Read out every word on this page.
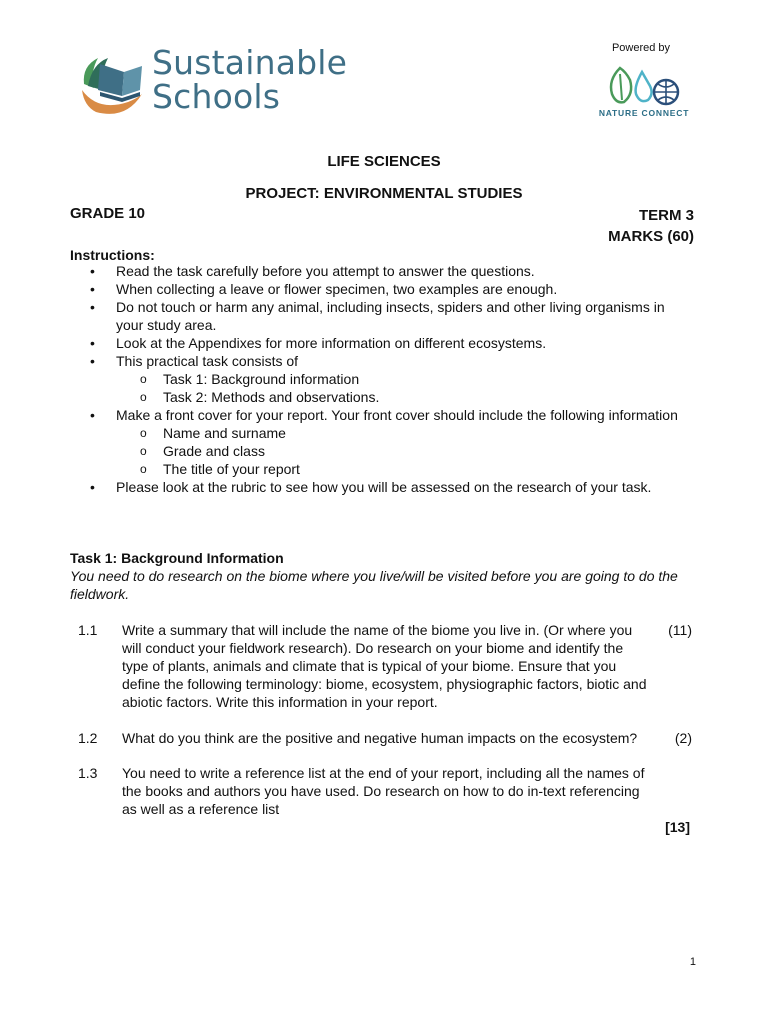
Sustainable
Schools
Powered by
NATURE CONNECT
LIFE SCIENCES
PROJECT: ENVIRONMENTAL STUDIES
GRADE 10	TERM 3
MARKS (60)
Instructions:
• Read the task carefully before you attempt to answer the questions.
• When collecting a leave or flower specimen, two examples are enough.
• Do not touch or harm any animal, including insects, spiders and other living organisms in your study area.
• Look at the Appendixes for more information on different ecosystems.
• This practical task consists of
o Task 1: Background information
o Task 2: Methods and observations.
• Make a front cover for your report. Your front cover should include the following information
o Name and surname
o Grade and class
o The title of your report
• Please look at the rubric to see how you will be assessed on the research of your task.
Task 1: Background Information
You need to do research on the biome where you live/will be visited before you are going to do the fieldwork.
1.1 Write a summary that will include the name of the biome you live in. (Or where you will conduct your fieldwork research). Do research on your biome and identify the type of plants, animals and climate that is typical of your biome. Ensure that you define the following terminology: biome, ecosystem, physiographic factors, biotic and abiotic factors. Write this information in your report.
(11)
1.2 What do you think are the positive and negative human impacts on the ecosystem?	(2)
1.3 You need to write a reference list at the end of your report, including all the names of the books and authors you have used. Do research on how to do in-text referencing as well as a reference list
[13]
1
